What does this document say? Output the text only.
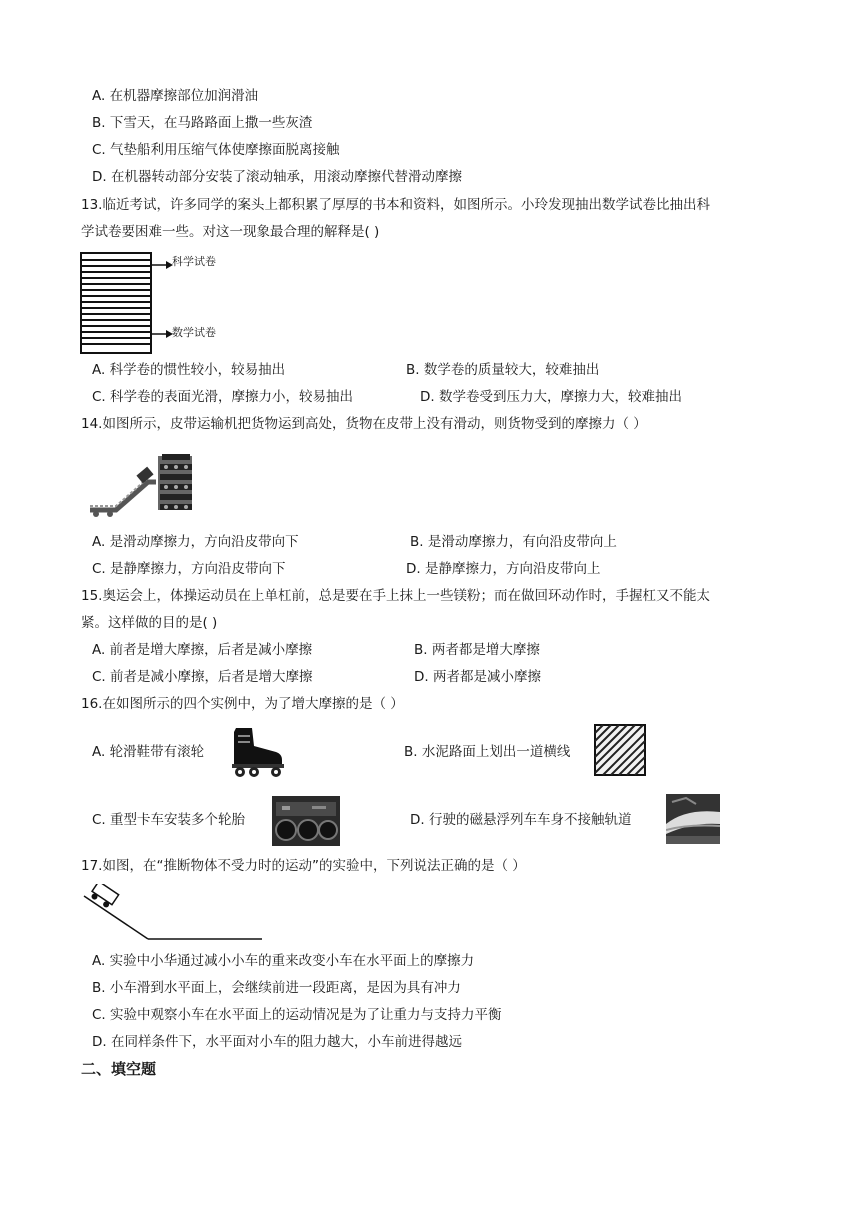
A. 在机器摩擦部位加润滑油
B. 下雪天，在马路路面上撒一些灰渣
C. 气垫船利用压缩气体使摩擦面脱离接触
D. 在机器转动部分安装了滚动轴承，用滚动摩擦代替滑动摩擦
13.临近考试，许多同学的案头上都积累了厚厚的书本和资料，如图所示。小玲发现抽出数学试卷比抽出科
学试卷要困难一些。对这一现象最合理的解释是( )
科学试卷
数学试卷
A. 科学卷的惯性较小，较易抽出	B. 数学卷的质量较大，较难抽出
C. 科学卷的表面光滑，摩擦力小，较易抽出	D. 数学卷受到压力大，摩擦力大，较难抽出
14.如图所示，皮带运输机把货物运到高处，货物在皮带上没有滑动，则货物受到的摩擦力（ ）
A. 是滑动摩擦力，方向沿皮带向下	B. 是滑动摩擦力，有向沿皮带向上
C. 是静摩擦力，方向沿皮带向下	D. 是静摩擦力，方向沿皮带向上
15.奥运会上，体操运动员在上单杠前，总是要在手上抹上一些镁粉；而在做回环动作时，手握杠又不能太
紧。这样做的目的是( )
A. 前者是增大摩擦，后者是减小摩擦	B. 两者都是增大摩擦
C. 前者是减小摩擦，后者是增大摩擦	D. 两者都是减小摩擦
16.在如图所示的四个实例中，为了增大摩擦的是（ ）
A. 轮滑鞋带有滚轮	B. 水泥路面上划出一道横线
C. 重型卡车安装多个轮胎	D. 行驶的磁悬浮列车车身不接触轨道
17.如图，在“推断物体不受力时的运动”的实验中，下列说法正确的是（ ）
A. 实验中小华通过减小小车的重来改变小车在水平面上的摩擦力
B. 小车滑到水平面上，会继续前进一段距离，是因为具有冲力
C. 实验中观察小车在水平面上的运动情况是为了让重力与支持力平衡
D. 在同样条件下，水平面对小车的阻力越大，小车前进得越远
二、填空题
